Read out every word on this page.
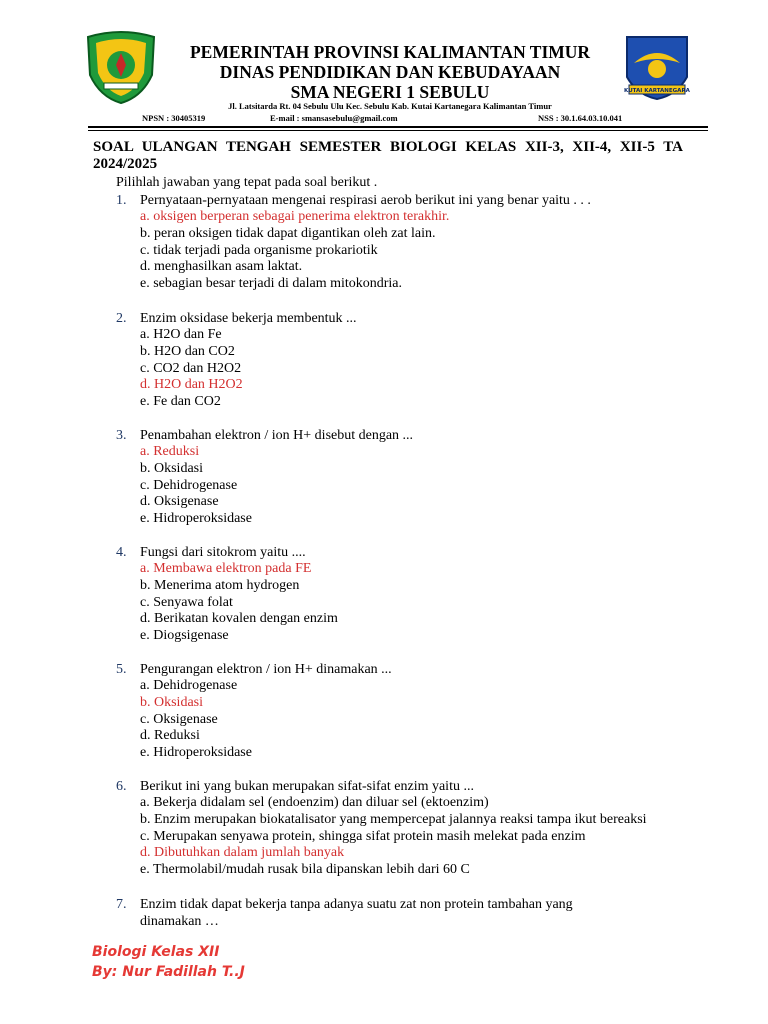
PEMERINTAH PROVINSI KALIMANTAN TIMUR
DINAS PENDIDIKAN DAN KEBUDAYAAN
SMA NEGERI 1 SEBULU
Jl. Latsitarda Rt. 04 Sebulu Ulu Kec. Sebulu Kab. Kutai Kartanegara Kalimantan Timur
NPSN : 30405319	E-mail : smansasebulu@gmail.com	NSS : 30.1.64.03.10.041
KUTAI KARTANEGARA
SOAL ULANGAN TENGAH SEMESTER BIOLOGI KELAS XII-3, XII-4, XII-5 TA 2024/2025
Pilihlah jawaban yang tepat pada soal berikut .
1. Pernyataan-pernyataan mengenai respirasi aerob berikut ini yang benar yaitu . . .
a. oksigen berperan sebagai penerima elektron terakhir.
b. peran oksigen tidak dapat digantikan oleh zat lain.
c. tidak terjadi pada organisme prokariotik
d. menghasilkan asam laktat.
e. sebagian besar terjadi di dalam mitokondria.
2. Enzim oksidase bekerja membentuk ...
a. H2O dan Fe
b. H2O dan CO2
c. CO2 dan H2O2
d. H2O dan H2O2
e. Fe dan CO2
3. Penambahan elektron / ion H+ disebut dengan ...
a. Reduksi
b. Oksidasi
c. Dehidrogenase
d. Oksigenase
e. Hidroperoksidase
4. Fungsi dari sitokrom yaitu ....
a. Membawa elektron pada FE
b. Menerima atom hydrogen
c. Senyawa folat
d. Berikatan kovalen dengan enzim
e. Diogsigenase
5. Pengurangan elektron / ion H+ dinamakan ...
a. Dehidrogenase
b. Oksidasi
c. Oksigenase
d. Reduksi
e. Hidroperoksidase
6. Berikut ini yang bukan merupakan sifat-sifat enzim yaitu ...
a. Bekerja didalam sel (endoenzim) dan diluar sel (ektoenzim)
b. Enzim merupakan biokatalisator yang mempercepat jalannya reaksi tampa ikut bereaksi
c. Merupakan senyawa protein, shingga sifat protein masih melekat pada enzim
d. Dibutuhkan dalam jumlah banyak
e. Thermolabil/mudah rusak bila dipanskan lebih dari 60 C
7. Enzim tidak dapat bekerja tanpa adanya suatu zat non protein tambahan yang dinamakan …
Biologi Kelas XII
By: Nur Fadillah T..J
